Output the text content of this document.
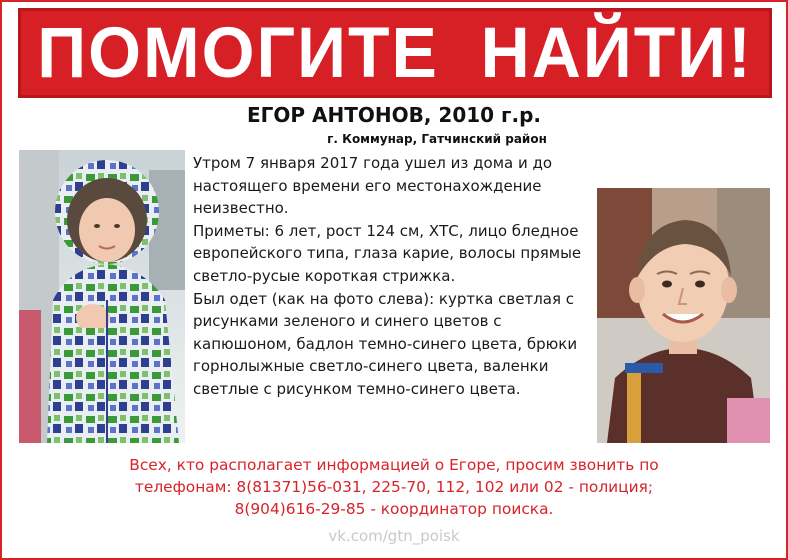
ПОМОГИТЕ  НАЙТИ!
ЕГОР АНТОНОВ, 2010 г.р.
г. Коммунар, Гатчинский район

Утром 7 января 2017 года ушел из дома и до настоящего времени его местонахождение неизвестно.

Приметы: 6 лет, рост 124 см, ХТС, лицо бледное европейского типа, глаза карие, волосы прямые светло-русые короткая стрижка.

Был одет (как на фото слева): куртка светлая с рисунками зеленого и синего цветов с капюшоном, бадлон темно-синего цвета, брюки горнолыжные светло-синего цвета, валенки светлые с рисунком темно-синего цвета.

Всех, кто располагает информацией о Егоре, просим звонить по
телефонам: 8(81371)56-031, 225-70, 112, 102 или 02 - полиция;
8(904)616-29-85 - координатор поиска.
vk.com/gtn_poisk
